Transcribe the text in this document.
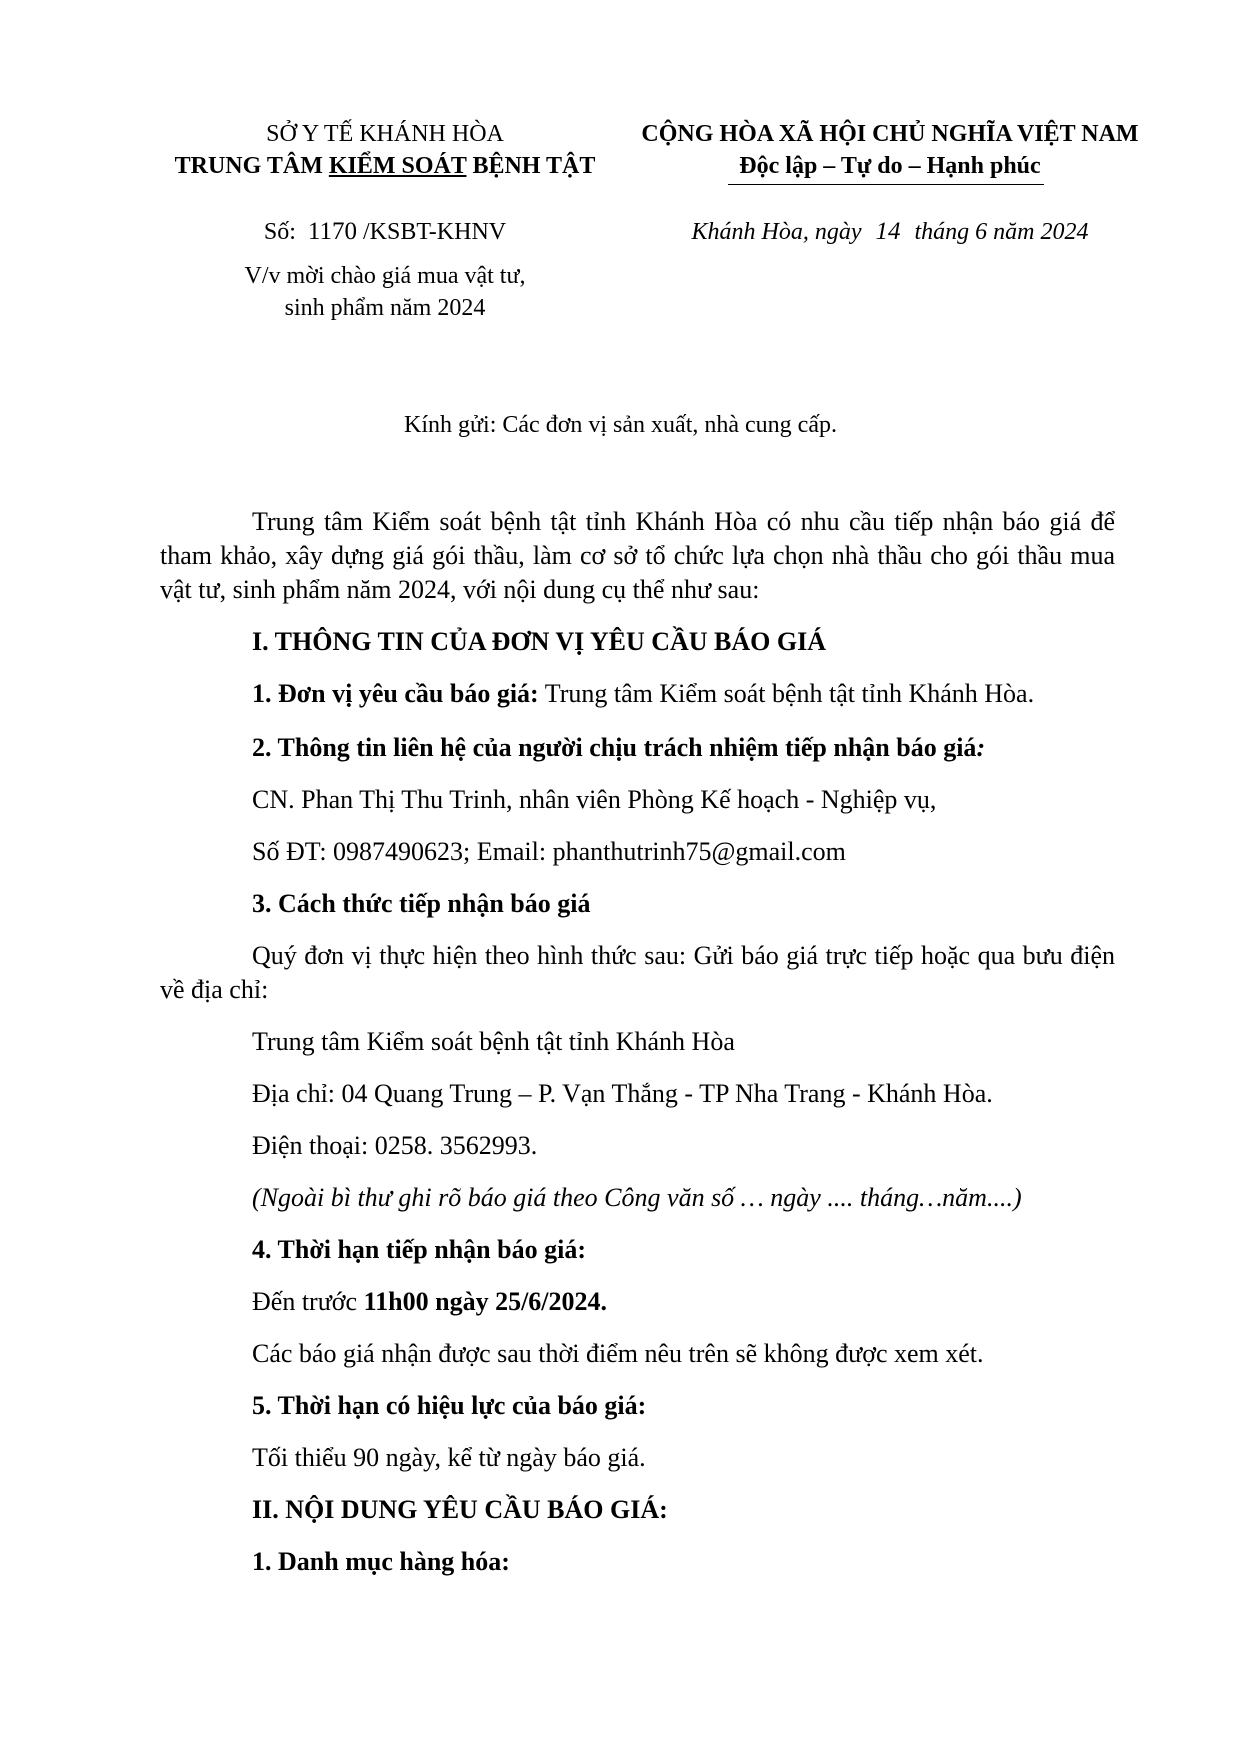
SỞ Y TẾ KHÁNH HÒA
TRUNG TÂM KIỂM SOÁT BỆNH TẬT
CỘNG HÒA XÃ HỘI CHỦ NGHĨA VIỆT NAM
Độc lập – Tự do – Hạnh phúc
Số: 1170 /KSBT-KHNV	Khánh Hòa, ngày 14 tháng 6 năm 2024
V/v mời chào giá mua vật tư,
sinh phẩm năm 2024
Kính gửi: Các đơn vị sản xuất, nhà cung cấp.

Trung tâm Kiểm soát bệnh tật tỉnh Khánh Hòa có nhu cầu tiếp nhận báo giá để tham khảo, xây dựng giá gói thầu, làm cơ sở tổ chức lựa chọn nhà thầu cho gói thầu mua vật tư, sinh phẩm năm 2024, với nội dung cụ thể như sau:

I. THÔNG TIN CỦA ĐƠN VỊ YÊU CẦU BÁO GIÁ

1. Đơn vị yêu cầu báo giá: Trung tâm Kiểm soát bệnh tật tỉnh Khánh Hòa.

2. Thông tin liên hệ của người chịu trách nhiệm tiếp nhận báo giá:

CN. Phan Thị Thu Trinh, nhân viên Phòng Kế hoạch - Nghiệp vụ,

Số ĐT: 0987490623; Email: phanthutrinh75@gmail.com

3. Cách thức tiếp nhận báo giá

Quý đơn vị thực hiện theo hình thức sau: Gửi báo giá trực tiếp hoặc qua bưu điện về địa chỉ:

Trung tâm Kiểm soát bệnh tật tỉnh Khánh Hòa

Địa chỉ: 04 Quang Trung – P. Vạn Thắng - TP Nha Trang - Khánh Hòa.

Điện thoại: 0258. 3562993.

(Ngoài bì thư ghi rõ báo giá theo Công văn số … ngày .... tháng…năm....)

4. Thời hạn tiếp nhận báo giá:

Đến trước 11h00 ngày 25/6/2024.

Các báo giá nhận được sau thời điểm nêu trên sẽ không được xem xét.

5. Thời hạn có hiệu lực của báo giá:

Tối thiểu 90 ngày, kể từ ngày báo giá.

II. NỘI DUNG YÊU CẦU BÁO GIÁ:

1. Danh mục hàng hóa:
